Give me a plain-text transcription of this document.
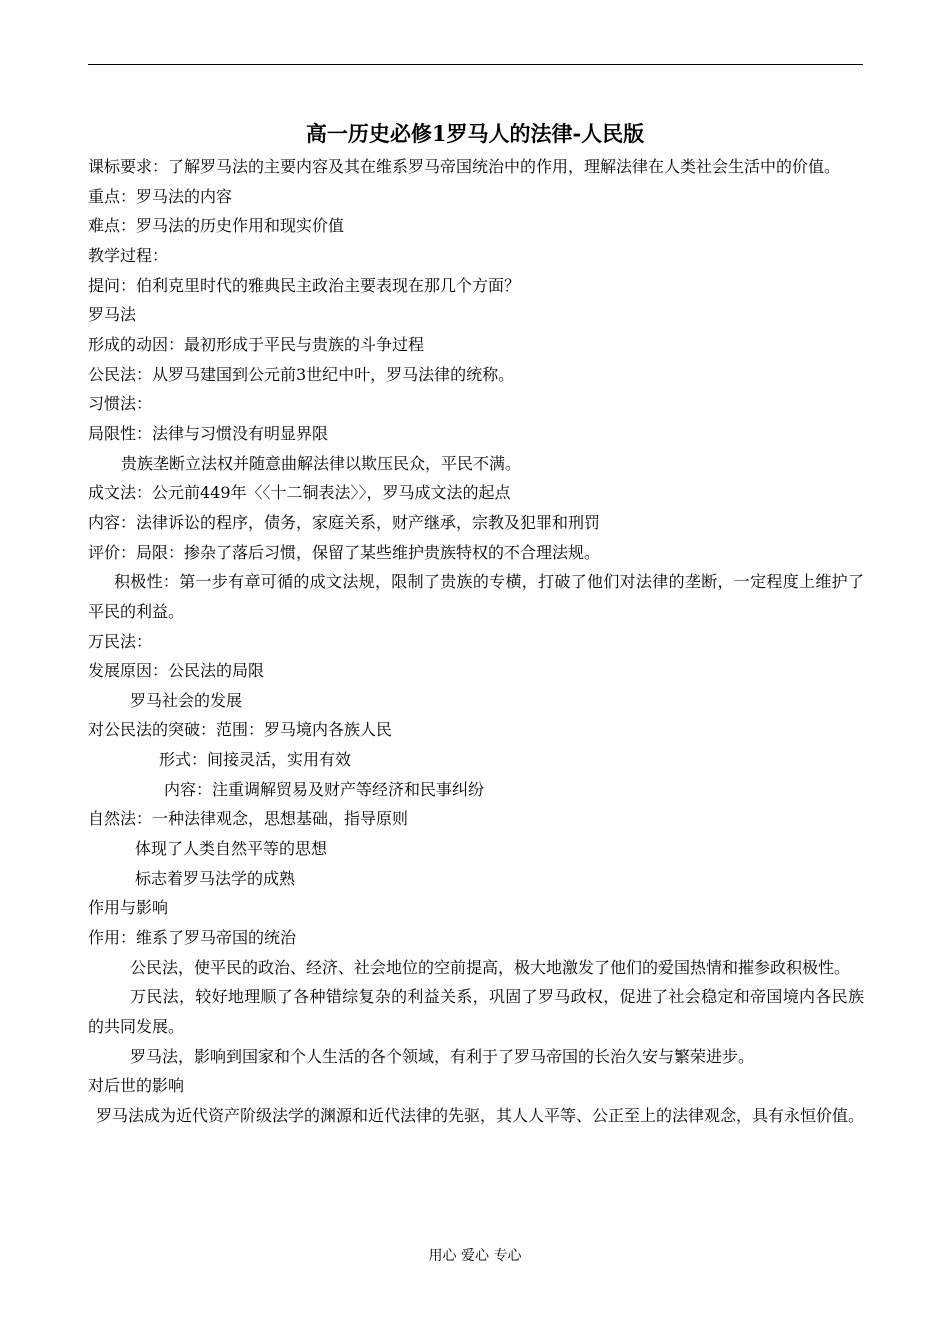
高一历史必修1罗马人的法律-人民版

课标要求：了解罗马法的主要内容及其在维系罗马帝国统治中的作用，理解法律在人类社会生活中的价值。

重点：罗马法的内容

难点：罗马法的历史作用和现实价值

教学过程：

提问：伯利克里时代的雅典民主政治主要表现在那几个方面？

罗马法

形成的动因：最初形成于平民与贵族的斗争过程

公民法：从罗马建国到公元前3世纪中叶，罗马法律的统称。

习惯法：

局限性：法律与习惯没有明显界限

贵族垄断立法权并随意曲解法律以欺压民众，平民不满。

成文法：公元前449年〈〈十二铜表法〉〉，罗马成文法的起点

内容：法律诉讼的程序，债务，家庭关系，财产继承，宗教及犯罪和刑罚

评价：局限：掺杂了落后习惯，保留了某些维护贵族特权的不合理法规。

积极性：第一步有章可循的成文法规，限制了贵族的专横，打破了他们对法律的垄断，一定程度上维护了平民的利益。

万民法：

发展原因：公民法的局限

罗马社会的发展

对公民法的突破：范围：罗马境内各族人民

形式：间接灵活，实用有效

内容：注重调解贸易及财产等经济和民事纠纷

自然法：一种法律观念，思想基础，指导原则

体现了人类自然平等的思想

标志着罗马法学的成熟

作用与影响

作用：维系了罗马帝国的统治

公民法，使平民的政治、经济、社会地位的空前提高，极大地激发了他们的爱国热情和摧参政积极性。

万民法，较好地理顺了各种错综复杂的利益关系，巩固了罗马政权，促进了社会稳定和帝国境内各民族的共同发展。

罗马法，影响到国家和个人生活的各个领域，有利于了罗马帝国的长治久安与繁荣进步。

对后世的影响

罗马法成为近代资产阶级法学的渊源和近代法律的先驱，其人人平等、公正至上的法律观念，具有永恒价值。

用心 爱心 专心
